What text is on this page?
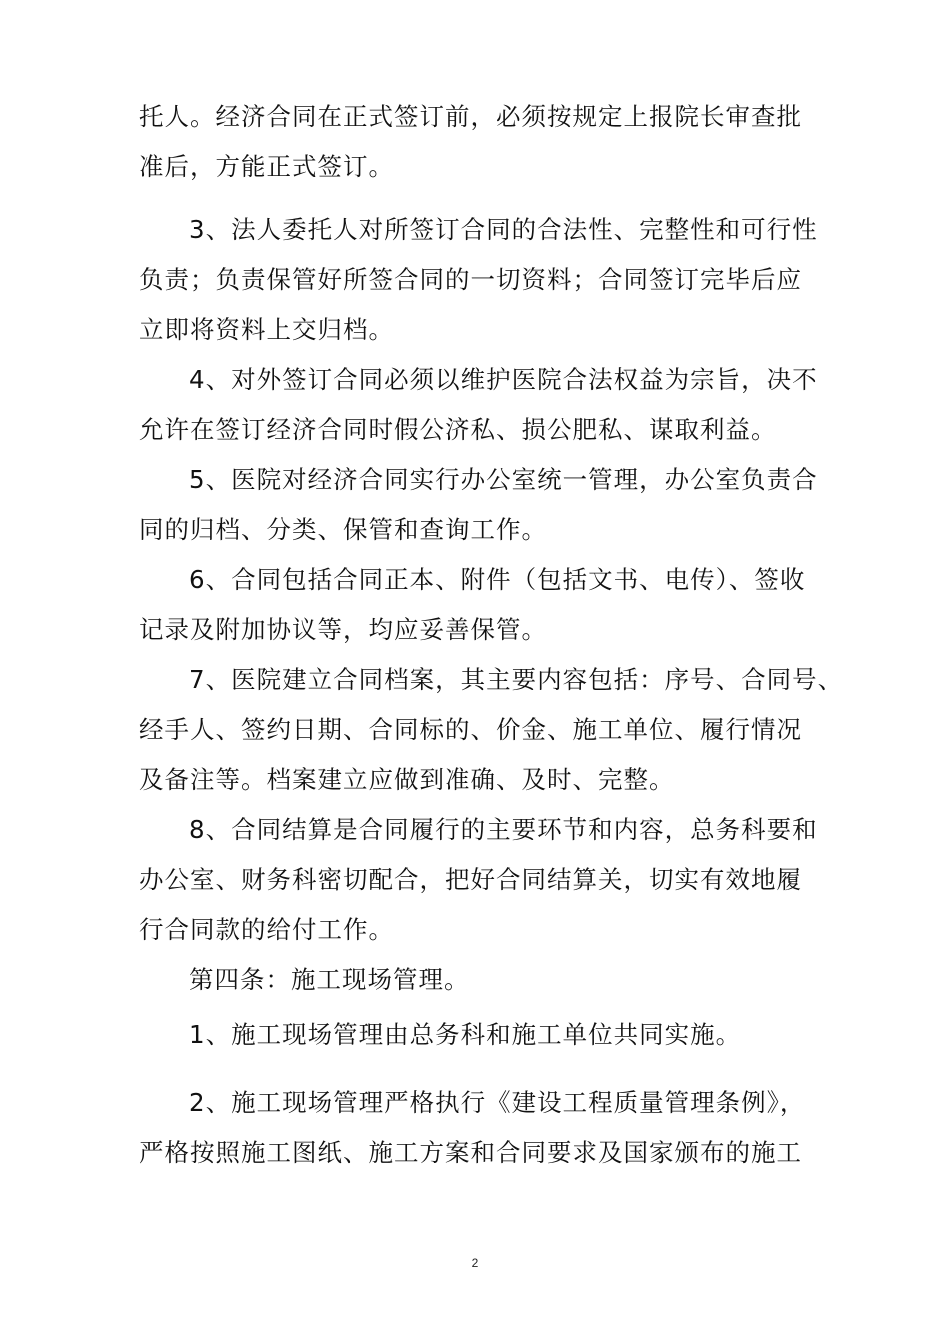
托人。经济合同在正式签订前，必须按规定上报院长审查批
准后，方能正式签订。
3、法人委托人对所签订合同的合法性、完整性和可行性
负责；负责保管好所签合同的一切资料；合同签订完毕后应
立即将资料上交归档。
4、对外签订合同必须以维护医院合法权益为宗旨，决不
允许在签订经济合同时假公济私、损公肥私、谋取利益。
5、医院对经济合同实行办公室统一管理，办公室负责合
同的归档、分类、保管和查询工作。
6、合同包括合同正本、附件（包括文书、电传）、签收
记录及附加协议等，均应妥善保管。
7、医院建立合同档案，其主要内容包括：序号、合同号、
经手人、签约日期、合同标的、价金、施工单位、履行情况
及备注等。档案建立应做到准确、及时、完整。
8、合同结算是合同履行的主要环节和内容，总务科要和
办公室、财务科密切配合，把好合同结算关，切实有效地履
行合同款的给付工作。
第四条：施工现场管理。
1、施工现场管理由总务科和施工单位共同实施。
2、施工现场管理严格执行《建设工程质量管理条例》，
严格按照施工图纸、施工方案和合同要求及国家颁布的施工
2
